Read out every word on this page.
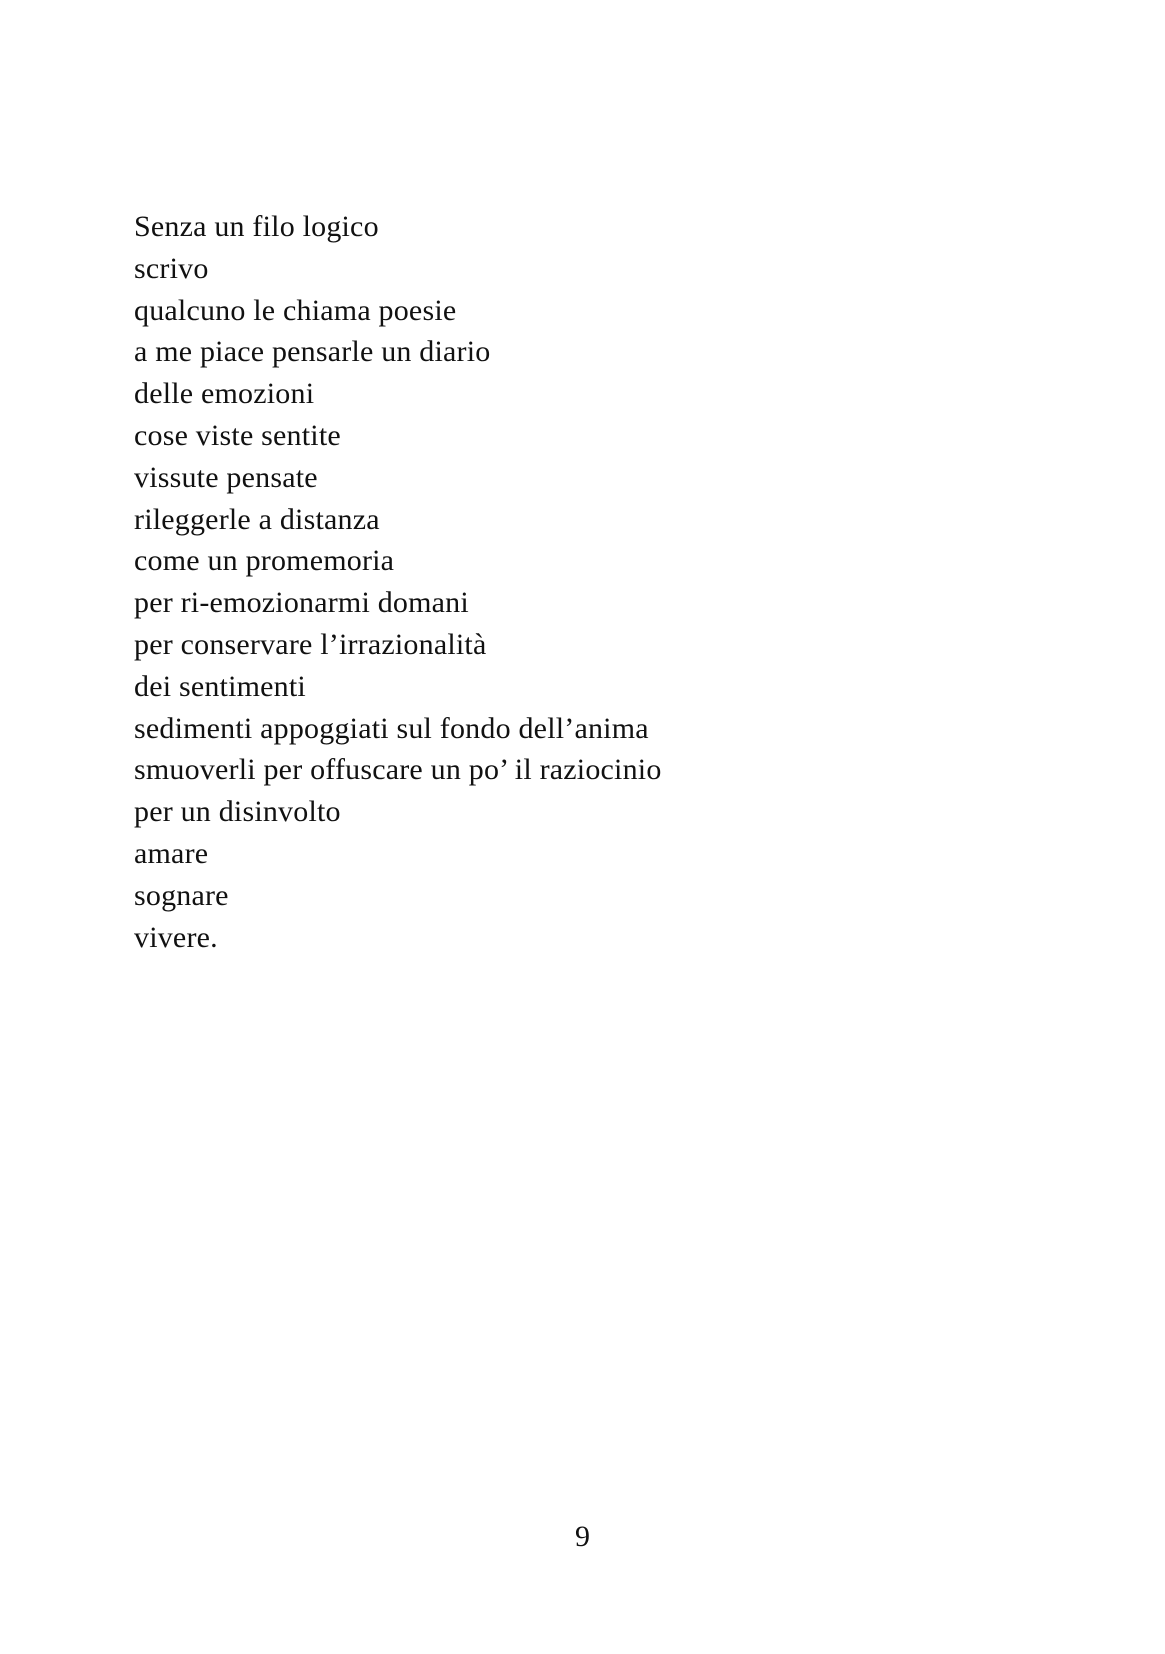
Senza un filo logico
scrivo
qualcuno le chiama poesie
a me piace pensarle un diario
delle emozioni
cose viste sentite
vissute pensate
rileggerle a distanza
come un promemoria
per ri-emozionarmi domani
per conservare l’irrazionalità
dei sentimenti
sedimenti appoggiati sul fondo dell’anima
smuoverli per offuscare un po’ il raziocinio
per un disinvolto
amare
sognare
vivere.
9
